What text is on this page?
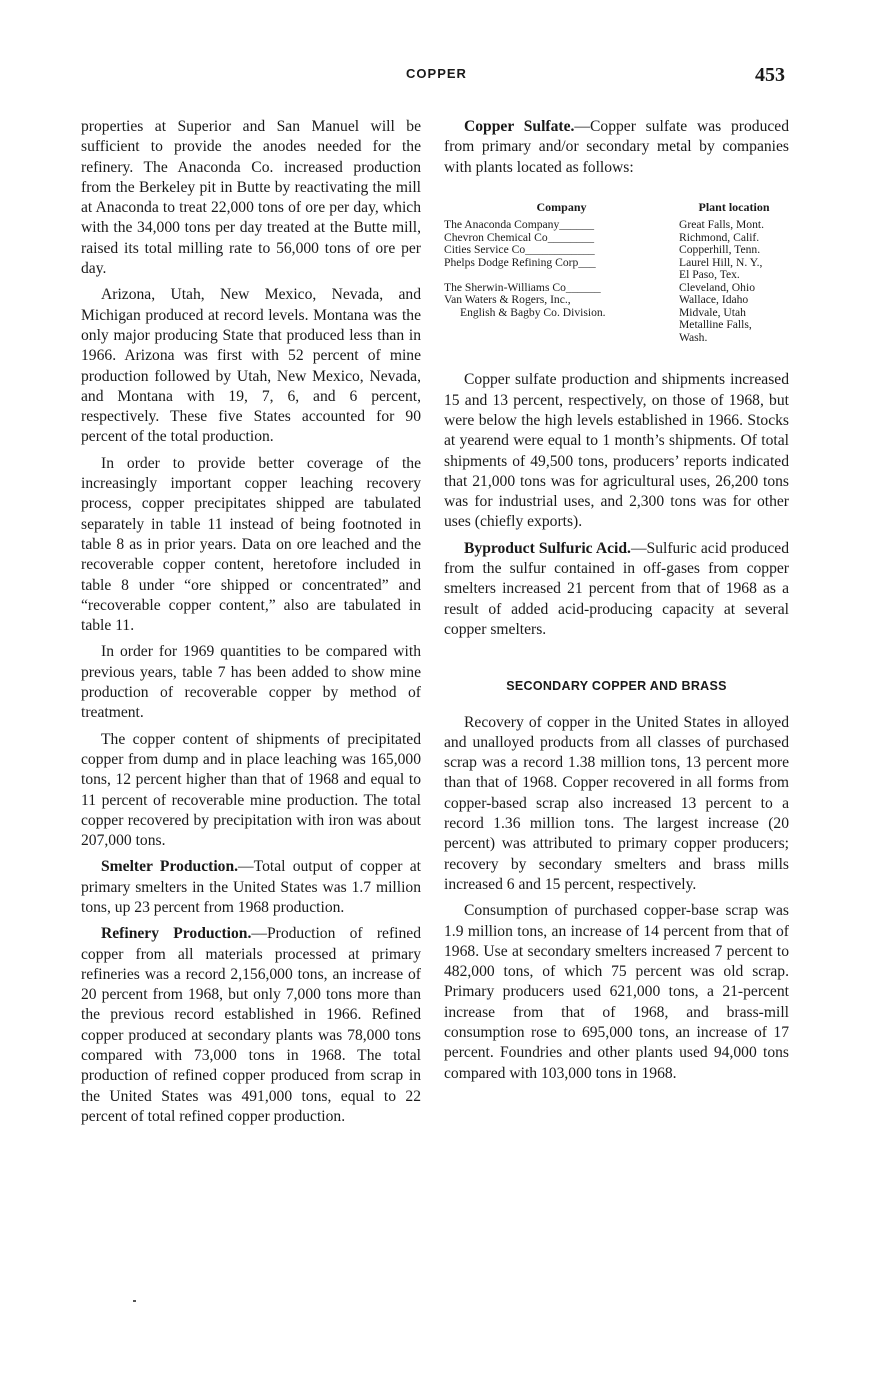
COPPER	453

properties at Superior and San Manuel will be sufficient to provide the anodes needed for the refinery. The Anaconda Co. increased production from the Berkeley pit in Butte by reactivating the mill at Anaconda to treat 22,000 tons of ore per day, which with the 34,000 tons per day treated at the Butte mill, raised its total milling rate to 56,000 tons of ore per day.

Arizona, Utah, New Mexico, Nevada, and Michigan produced at record levels. Montana was the only major producing State that produced less than in 1966. Arizona was first with 52 percent of mine production followed by Utah, New Mexico, Nevada, and Montana with 19, 7, 6, and 6 percent, respectively. These five States accounted for 90 percent of the total production.

In order to provide better coverage of the increasingly important copper leaching recovery process, copper precipitates shipped are tabulated separately in table 11 instead of being footnoted in table 8 as in prior years. Data on ore leached and the recoverable copper content, heretofore included in table 8 under “ore shipped or concentrated” and “recoverable copper content,” also are tabulated in table 11.

In order for 1969 quantities to be compared with previous years, table 7 has been added to show mine production of recoverable copper by method of treatment.

The copper content of shipments of precipitated copper from dump and in place leaching was 165,000 tons, 12 percent higher than that of 1968 and equal to 11 percent of recoverable mine production. The total copper recovered by precipitation with iron was about 207,000 tons.

Smelter Production.—Total output of copper at primary smelters in the United States was 1.7 million tons, up 23 percent from 1968 production.

Refinery Production.—Production of refined copper from all materials processed at primary refineries was a record 2,156,000 tons, an increase of 20 percent from 1968, but only 7,000 tons more than the previous record established in 1966. Refined copper produced at secondary plants was 78,000 tons compared with 73,000 tons in 1968. The total production of refined copper produced from scrap in the United States was 491,000 tons, equal to 22 percent of total refined copper production.

Copper Sulfate.—Copper sulfate was produced from primary and/or secondary metal by companies with plants located as follows:

Company	Plant location
The Anaconda Company______	Great Falls, Mont.
Chevron Chemical Co________	Richmond, Calif.
Cities Service Co____________	Copperhill, Tenn.
Phelps Dodge Refining Corp___	Laurel Hill, N. Y.,
	El Paso, Tex.
The Sherwin-Williams Co______	Cleveland, Ohio
Van Waters & Rogers, Inc.,	Wallace, Idaho
English & Bagby Co. Division.	Midvale, Utah
	Metalline Falls,
	Wash.

Copper sulfate production and shipments increased 15 and 13 percent, respectively, on those of 1968, but were below the high levels established in 1966. Stocks at yearend were equal to 1 month’s shipments. Of total shipments of 49,500 tons, producers’ reports indicated that 21,000 tons was for agricultural uses, 26,200 tons was for industrial uses, and 2,300 tons was for other uses (chiefly exports).

Byproduct Sulfuric Acid.—Sulfuric acid produced from the sulfur contained in off-gases from copper smelters increased 21 percent from that of 1968 as a result of added acid-producing capacity at several copper smelters.

SECONDARY COPPER AND BRASS

Recovery of copper in the United States in alloyed and unalloyed products from all classes of purchased scrap was a record 1.38 million tons, 13 percent more than that of 1968. Copper recovered in all forms from copper-based scrap also increased 13 percent to a record 1.36 million tons. The largest increase (20 percent) was attributed to primary copper producers; recovery by secondary smelters and brass mills increased 6 and 15 percent, respectively.

Consumption of purchased copper-base scrap was 1.9 million tons, an increase of 14 percent from that of 1968. Use at secondary smelters increased 7 percent to 482,000 tons, of which 75 percent was old scrap. Primary producers used 621,000 tons, a 21-percent increase from that of 1968, and brass-mill consumption rose to 695,000 tons, an increase of 17 percent. Foundries and other plants used 94,000 tons compared with 103,000 tons in 1968.
